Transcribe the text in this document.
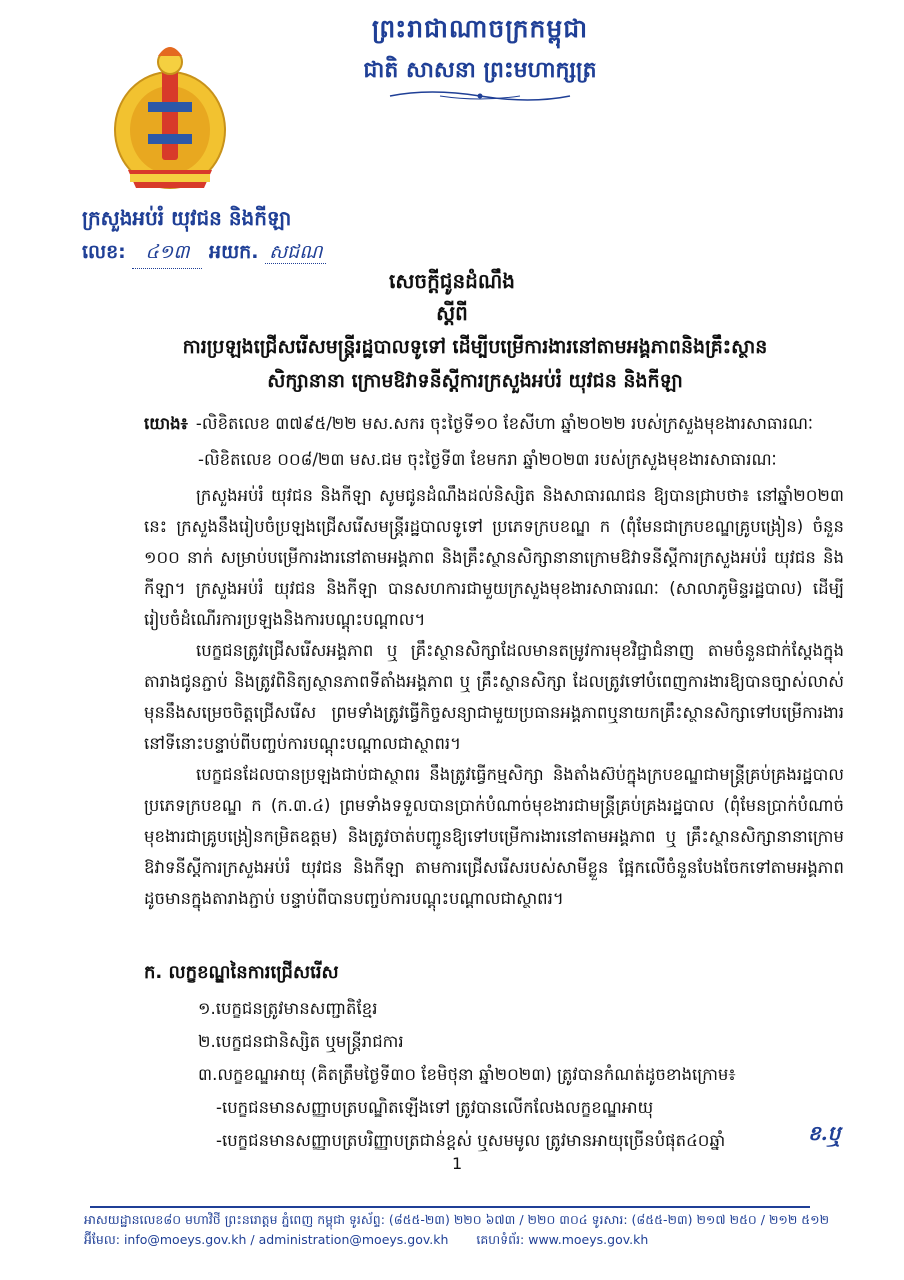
ព្រះរាជាណាចក្រកម្ពុជា
ជាតិ សាសនា ព្រះមហាក្សត្រ
ក្រសួងអប់រំ យុវជន និងកីឡា
លេខ: ៤១៣ អយក. សជណ
សេចក្តីជូនដំណឹង
ស្តីពី
ការប្រឡងជ្រើសរើសមន្ត្រីរដ្ឋបាលទូទៅ ដើម្បីបម្រើការងារនៅតាមអង្គភាពនិងគ្រឹះស្ថាន
សិក្សានានា ក្រោមឱវាទនីស្តីការក្រសួងអប់រំ យុវជន និងកីឡា
យោង៖ -លិខិតលេខ ៣៧៩៥/២២ មស.សករ ចុះថ្ងៃទី១០ ខែសីហា ឆ្នាំ២០២២ របស់ក្រសួងមុខងារសាធារណៈ
-លិខិតលេខ ០០៨/២៣ មស.ជម ចុះថ្ងៃទី៣ ខែមករា ឆ្នាំ២០២៣ របស់ក្រសួងមុខងារសាធារណៈ

ក្រសួងអប់រំ យុវជន និងកីឡា សូមជូនដំណឹងដល់និស្សិត និងសាធារណជន ឱ្យបានជ្រាបថា៖ នៅឆ្នាំ២០២៣ នេះ ក្រសួងនឹងរៀបចំប្រឡងជ្រើសរើសមន្ត្រីរដ្ឋបាលទូទៅ ប្រភេទក្របខណ្ឌ ក (ពុំមែនជាក្របខណ្ឌគ្រូបង្រៀន) ចំនួន ១០០ នាក់ សម្រាប់បម្រើការងារនៅតាមអង្គភាព និងគ្រឹះស្ថានសិក្សានានាក្រោមឱវាទនីស្តីការក្រសួងអប់រំ យុវជន និងកីឡា។ ក្រសួងអប់រំ យុវជន និងកីឡា បានសហការជាមួយក្រសួងមុខងារសាធារណៈ (សាលាភូមិន្ទរដ្ឋបាល) ដើម្បីរៀបចំដំណើរការប្រឡងនិងការបណ្តុះបណ្តាល។

បេក្ខជនត្រូវជ្រើសរើសអង្គភាព ឬ គ្រឹះស្ថានសិក្សាដែលមានតម្រូវការមុខវិជ្ជាជំនាញ តាមចំនួនជាក់ស្តែងក្នុងតារាងជូនភ្ជាប់ និងត្រូវពិនិត្យស្ថានភាពទីតាំងអង្គភាព ឬ គ្រឹះស្ថានសិក្សា ដែលត្រូវទៅបំពេញការងារឱ្យបានច្បាស់លាស់មុននឹងសម្រេចចិត្តជ្រើសរើស ព្រមទាំងត្រូវធ្វើកិច្ចសន្យាជាមួយប្រធានអង្គភាពឬនាយកគ្រឹះស្ថានសិក្សាទៅបម្រើការងារនៅទីនោះបន្ទាប់ពីបញ្ចប់ការបណ្តុះបណ្តាលជាស្ថាពរ។

បេក្ខជនដែលបានប្រឡងជាប់ជាស្ថាពរ នឹងត្រូវធ្វើកម្មសិក្សា និងតាំងស៊ប់ក្នុងក្របខណ្ឌជាមន្ត្រីគ្រប់គ្រងរដ្ឋបាល ប្រភេទក្របខណ្ឌ ក (ក.៣.៤) ព្រមទាំងទទួលបានប្រាក់បំណាច់មុខងារជាមន្ត្រីគ្រប់គ្រងរដ្ឋបាល (ពុំមែនប្រាក់បំណាច់មុខងារជាគ្រូបង្រៀនកម្រិតឧត្តម) និងត្រូវចាត់បញ្ជូនឱ្យទៅបម្រើការងារនៅតាមអង្គភាព ឬ គ្រឹះស្ថានសិក្សានានាក្រោមឱវាទនីស្តីការក្រសួងអប់រំ យុវជន និងកីឡា តាមការជ្រើសរើសរបស់សាមីខ្លួន ផ្អែកលើចំនួនបែងចែកទៅតាមអង្គភាពដូចមានក្នុងតារាងភ្ជាប់ បន្ទាប់ពីបានបញ្ចប់ការបណ្តុះបណ្តាលជាស្ថាពរ។

ក. លក្ខខណ្ឌនៃការជ្រើសរើស
១.បេក្ខជនត្រូវមានសញ្ជាតិខ្មែរ
២.បេក្ខជនជានិស្សិត ឬមន្ត្រីរាជការ
៣.លក្ខខណ្ឌអាយុ (គិតត្រឹមថ្ងៃទី៣០ ខែមិថុនា ឆ្នាំ២០២៣) ត្រូវបានកំណត់ដូចខាងក្រោម៖
-បេក្ខជនមានសញ្ញាបត្របណ្ឌិតឡើងទៅ ត្រូវបានលើកលែងលក្ខខណ្ឌអាយុ
-បេក្ខជនមានសញ្ញាបត្របរិញ្ញាបត្រជាន់ខ្ពស់ ឬសមមូល ត្រូវមានអាយុច្រើនបំផុត៤០ឆ្នាំ	ខ.ឬ
1
អាសយដ្ឋានលេខ៨០ មហាវិថី ព្រះនរោត្តម ភ្នំពេញ កម្ពុជា ទូរស័ព្ទ: (៨៥៥-២៣) ២២០ ៦៧៣ / ២២០ ៣០៤ ទូរសារ: (៨៥៥-២៣) ២១៧ ២៥០ / ២១២ ៥១២
អ៊ីមែល: info@moeys.gov.kh / administration@moeys.gov.kh គេហទំព័រ: www.moeys.gov.kh
